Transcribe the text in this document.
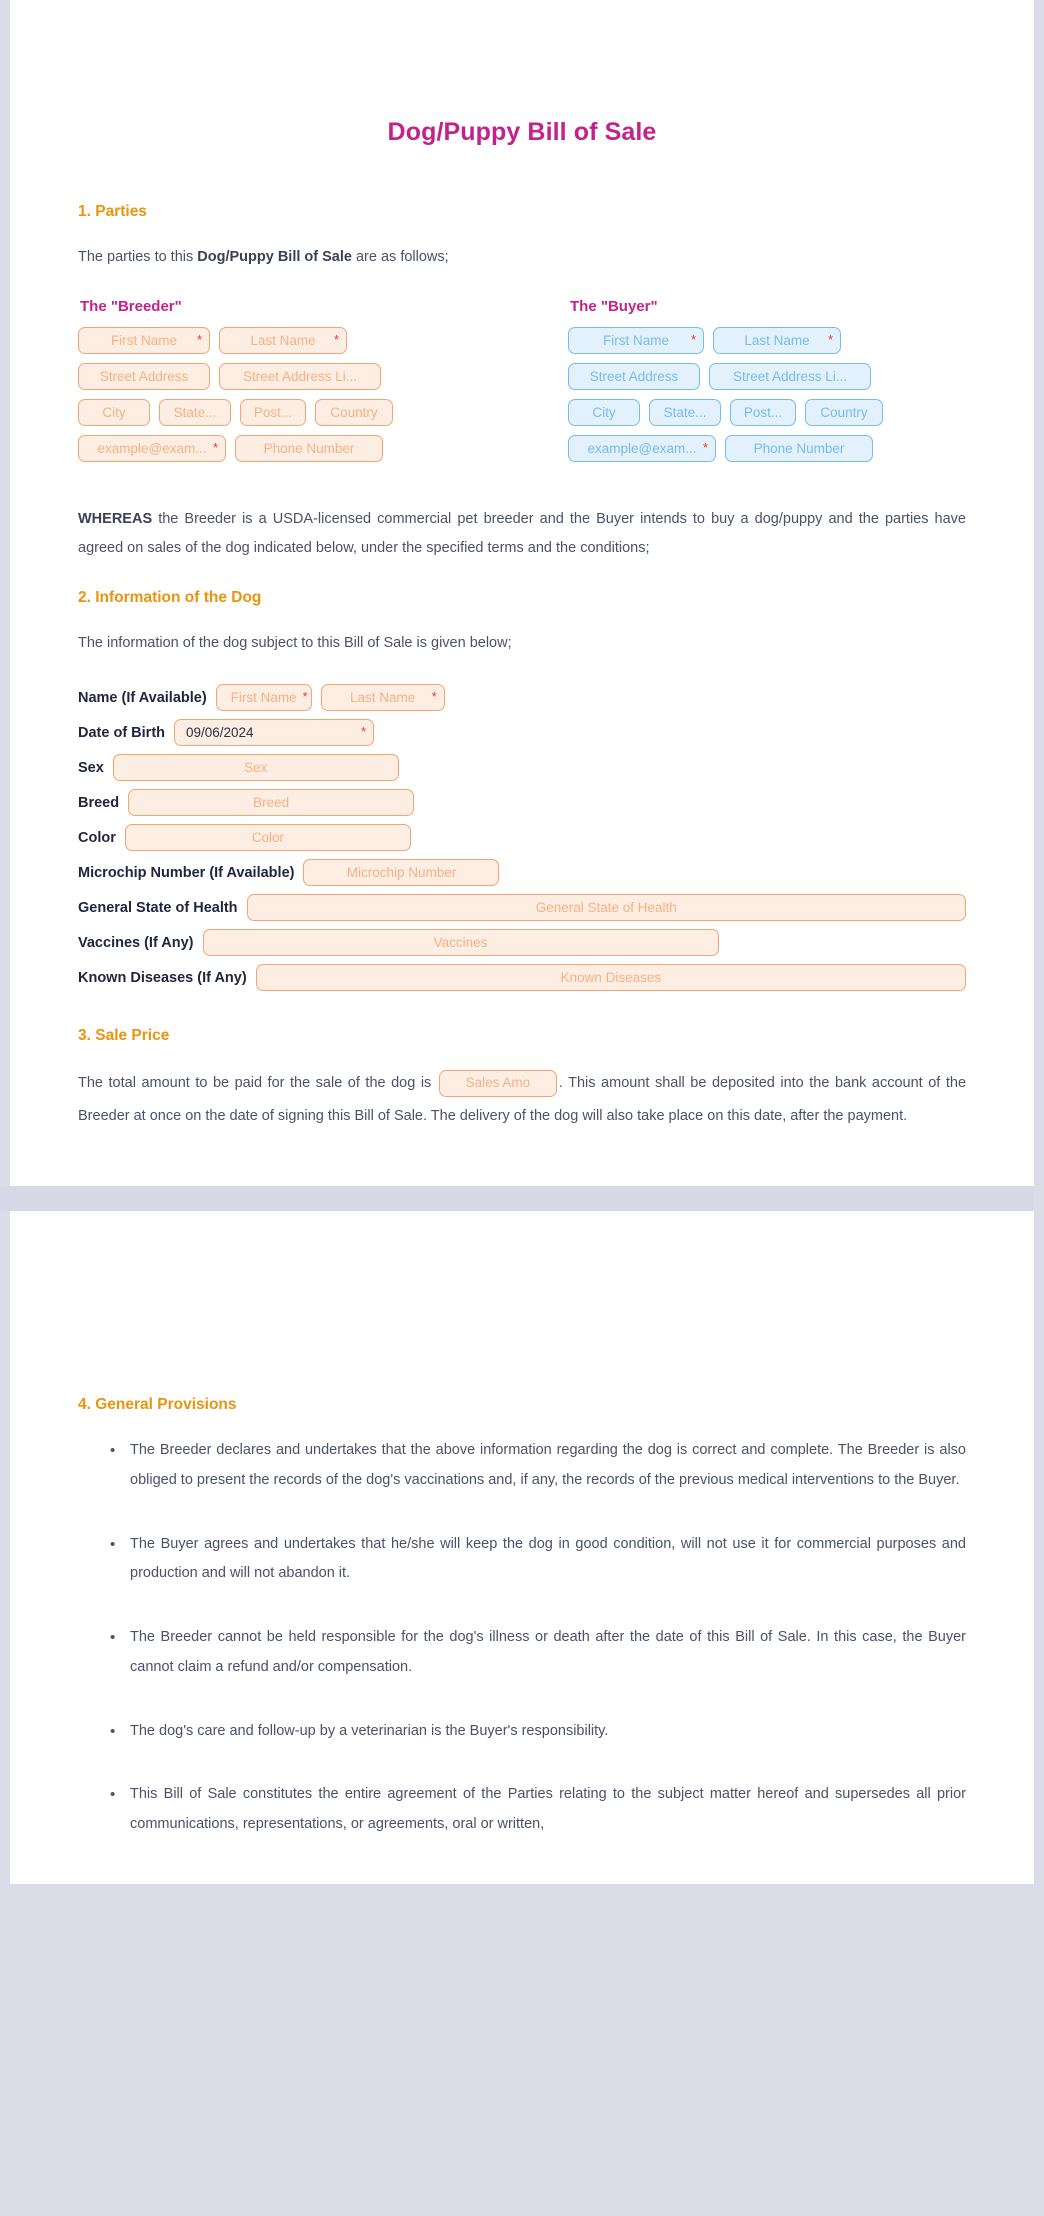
Dog/Puppy Bill of Sale
1. Parties

The parties to this Dog/Puppy Bill of Sale are as follows;

The "Breeder"
First Name *	Last Name *
Street Address	Street Address Li...
City	State...	Post...	Country
example@exam... *	Phone Number
The "Buyer"
First Name *	Last Name *
Street Address	Street Address Li...
City	State...	Post...	Country
example@exam... *	Phone Number

WHEREAS the Breeder is a USDA-licensed commercial pet breeder and the Buyer intends to buy a dog/puppy and the parties have agreed on sales of the dog indicated below, under the specified terms and the conditions;

2. Information of the Dog

The information of the dog subject to this Bill of Sale is given below;

Name (If Available) First Name *	Last Name *
Date of Birth 09/06/2024	*
Sex	Sex
Breed	Breed
Color	Color
Microchip Number (If Available)	Microchip Number
General State of Health	General State of Health
Vaccines (If Any)	Vaccines
Known Diseases (If Any)	Known Diseases
3. Sale Price

The total amount to be paid for the sale of the dog is Sales Amo . This amount shall be deposited into the bank account of the Breeder at once on the date of signing this Bill of Sale. The delivery of the dog will also take place on this date, after the payment.

4. General Provisions
• The Breeder declares and undertakes that the above information regarding the dog is correct and complete. The Breeder is also obliged to present the records of the dog's vaccinations and, if any, the records of the previous medical interventions to the Buyer.
• The Buyer agrees and undertakes that he/she will keep the dog in good condition, will not use it for commercial purposes and production and will not abandon it.
• The Breeder cannot be held responsible for the dog's illness or death after the date of this Bill of Sale. In this case, the Buyer cannot claim a refund and/or compensation.
• The dog's care and follow-up by a veterinarian is the Buyer's responsibility.
• This Bill of Sale constitutes the entire agreement of the Parties relating to the subject matter hereof and supersedes all prior communications, representations, or agreements, oral or written,
